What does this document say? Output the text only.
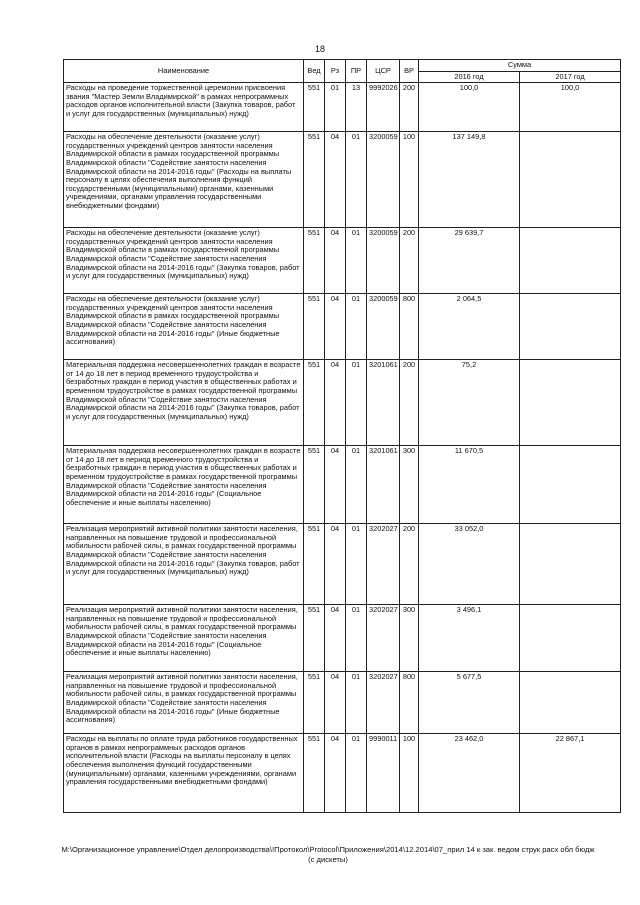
18
Наименование	Вед	Рз	ПР	ЦСР	ВР	Сумма	
						2016 год	2017 год
Расходы на проведение торжественной церемонии присвоения звания "Мастер Земли Владимирской" в рамках непрограммных расходов органов исполнительной власти (Закупка товаров, работ и услуг для государственных (муниципальных) нужд)	551	01	13	9992026	200	100,0	100,0
Расходы на обеспечение деятельности (оказание услуг) государственных учреждений центров занятости населения Владимирской области в рамках государственной программы Владимирской области "Содействие занятости населения Владимирской области на 2014-2016 годы" (Расходы на выплаты персоналу в целях обеспечения выполнения функций государственными (муниципальными) органами, казенными учреждениями, органами управления государственными внебюджетными фондами)	551	04	01	3200059	100	137 149,8	
Расходы на обеспечение деятельности (оказание услуг) государственных учреждений центров занятости населения Владимирской области в рамках государственной программы Владимирской области "Содействие занятости населения Владимирской области на 2014-2016 годы" (Закупка товаров, работ и услуг для государственных (муниципальных) нужд)	551	04	01	3200059	200	29 639,7	
Расходы на обеспечение деятельности (оказание услуг) государственных учреждений центров занятости населения Владимирской области в рамках государственной программы Владимирской области "Содействие занятости населения Владимирской области на 2014-2016 годы" (Иные бюджетные ассигнования)	551	04	01	3200059	800	2 064,5	
Материальная поддержка несовершеннолетних граждан в возрасте от 14 до 18 лет в период временного трудоустройства и безработных граждан в период участия в общественных работах и временном трудоустройстве в рамках государственной программы Владимирской области "Содействие занятости населения Владимирской области на 2014-2016 годы" (Закупка товаров, работ и услуг для государственных (муниципальных) нужд)	551	04	01	3201061	200	75,2	
Материальная поддержка несовершеннолетних граждан в возрасте от 14 до 18 лет в период временного трудоустройства и безработных граждан в период участия в общественных работах и временном трудоустройстве в рамках государственной программы Владимирской области "Содействие занятости населения Владимирской области на 2014-2016 годы" (Социальное обеспечение и иные выплаты населению)	551	04	01	3201061	300	11 670,5	
Реализация мероприятий активной политики занятости населения, направленных на повышение трудовой и профессиональной мобильности рабочей силы, в рамках государственной программы Владимирской области "Содействие занятости населения Владимирской области на 2014-2016 годы" (Закупка товаров, работ и услуг для государственных (муниципальных) нужд)	551	04	01	3202027	200	33 052,0	
Реализация мероприятий активной политики занятости населения, направленных на повышение трудовой и профессиональной мобильности рабочей силы, в рамках государственной программы Владимирской области "Содействие занятости населения Владимирской области на 2014-2016 годы" (Социальное обеспечение и иные выплаты населению)	551	04	01	3202027	300	3 496,1	
Реализация мероприятий активной политики занятости населения, направленных на повышение трудовой и профессиональной мобильности рабочей силы, в рамках государственной программы Владимирской области "Содействие занятости населения Владимирской области на 2014-2016 годы" (Иные бюджетные ассигнования)	551	04	01	3202027	800	5 677,5	
Расходы на выплаты по оплате труда работников государственных органов в рамках непрограммных расходов органов исполнительной власти (Расходы на выплаты персоналу в целях обеспечения выполнения функций государственными (муниципальными) органами, казенными учреждениями, органами управления государственными внебюджетными фондами)	551	04	01	9990011	100	23 462,0	22 867,1
M:\Организационное управление\Отдел делопроизводства\!Протокол\Protocol\Приложения\2014\12.2014\07_прил 14 к зак. ведом струк расх обл бюдж (с дискеты)
